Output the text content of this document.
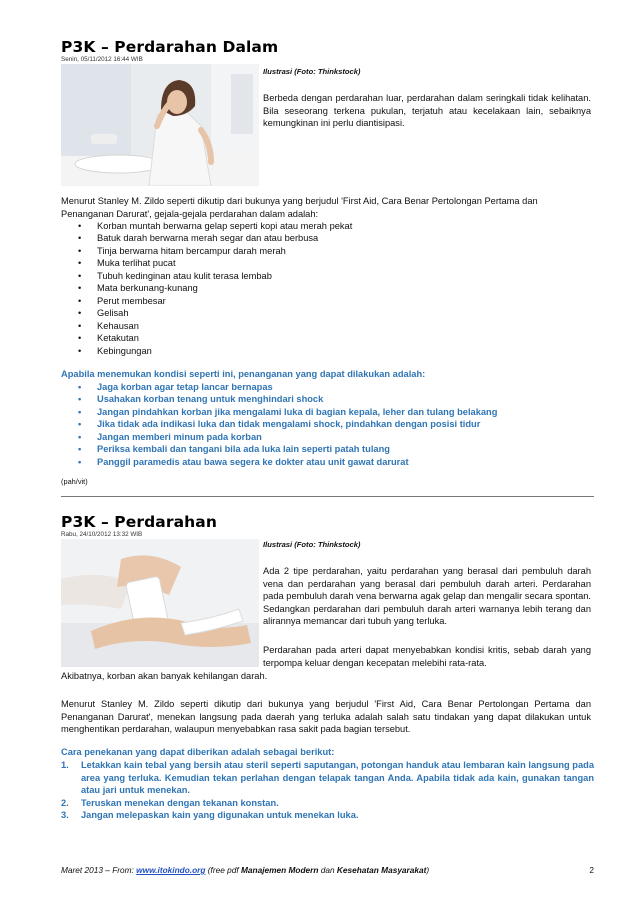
P3K – Perdarahan Dalam
Senin, 05/11/2012 16:44 WIB
Ilustrasi (Foto: Thinkstock)

Berbeda dengan perdarahan luar, perdarahan dalam seringkali tidak kelihatan. Bila seseorang terkena pukulan, terjatuh atau kecelakaan lain, sebaiknya kemungkinan ini perlu diantisipasi.

Menurut Stanley M. Zildo seperti dikutip dari bukunya yang berjudul 'First Aid, Cara Benar Pertolongan Pertama dan Penanganan Darurat', gejala-gejala perdarahan dalam adalah:

• Korban muntah berwarna gelap seperti kopi atau merah pekat
• Batuk darah berwarna merah segar dan atau berbusa
• Tinja berwarna hitam bercampur darah merah
• Muka terlihat pucat
• Tubuh kedinginan atau kulit terasa lembab
• Mata berkunang-kunang
• Perut membesar
• Gelisah
• Kehausan
• Ketakutan
• Kebingungan

Apabila menemukan kondisi seperti ini, penanganan yang dapat dilakukan adalah:

• Jaga korban agar tetap lancar bernapas
• Usahakan korban tenang untuk menghindari shock
• Jangan pindahkan korban jika mengalami luka di bagian kepala, leher dan tulang belakang
• Jika tidak ada indikasi luka dan tidak mengalami shock, pindahkan dengan posisi tidur
• Jangan memberi minum pada korban
• Periksa kembali dan tangani bila ada luka lain seperti patah tulang
• Panggil paramedis atau bawa segera ke dokter atau unit gawat darurat
(pah/vit)
P3K – Perdarahan
Rabu, 24/10/2012 13:32 WIB
Ilustrasi (Foto: Thinkstock)

Ada 2 tipe perdarahan, yaitu perdarahan yang berasal dari pembuluh darah vena dan perdarahan yang berasal dari pembuluh darah arteri. Perdarahan pada pembuluh darah vena berwarna agak gelap dan mengalir secara spontan. Sedangkan perdarahan dari pembuluh darah arteri warnanya lebih terang dan alirannya memancar dari tubuh yang terluka.

Perdarahan pada arteri dapat menyebabkan kondisi kritis, sebab darah yang terpompa keluar dengan kecepatan melebihi rata-rata.

Akibatnya, korban akan banyak kehilangan darah.

Menurut Stanley M. Zildo seperti dikutip dari bukunya yang berjudul 'First Aid, Cara Benar Pertolongan Pertama dan Penanganan Darurat', menekan langsung pada daerah yang terluka adalah salah satu tindakan yang dapat dilakukan untuk menghentikan perdarahan, walaupun menyebabkan rasa sakit pada bagian tersebut.

Cara penekanan yang dapat diberikan adalah sebagai berikut:

1. Letakkan kain tebal yang bersih atau steril seperti saputangan, potongan handuk atau lembaran kain langsung pada area yang terluka. Kemudian tekan perlahan dengan telapak tangan Anda. Apabila tidak ada kain, gunakan tangan atau jari untuk menekan.
2. Teruskan menekan dengan tekanan konstan.
3. Jangan melepaskan kain yang digunakan untuk menekan luka.
Maret 2013 – From: www.itokindo.org (free pdf Manajemen Modern dan Kesehatan Masyarakat)	2
